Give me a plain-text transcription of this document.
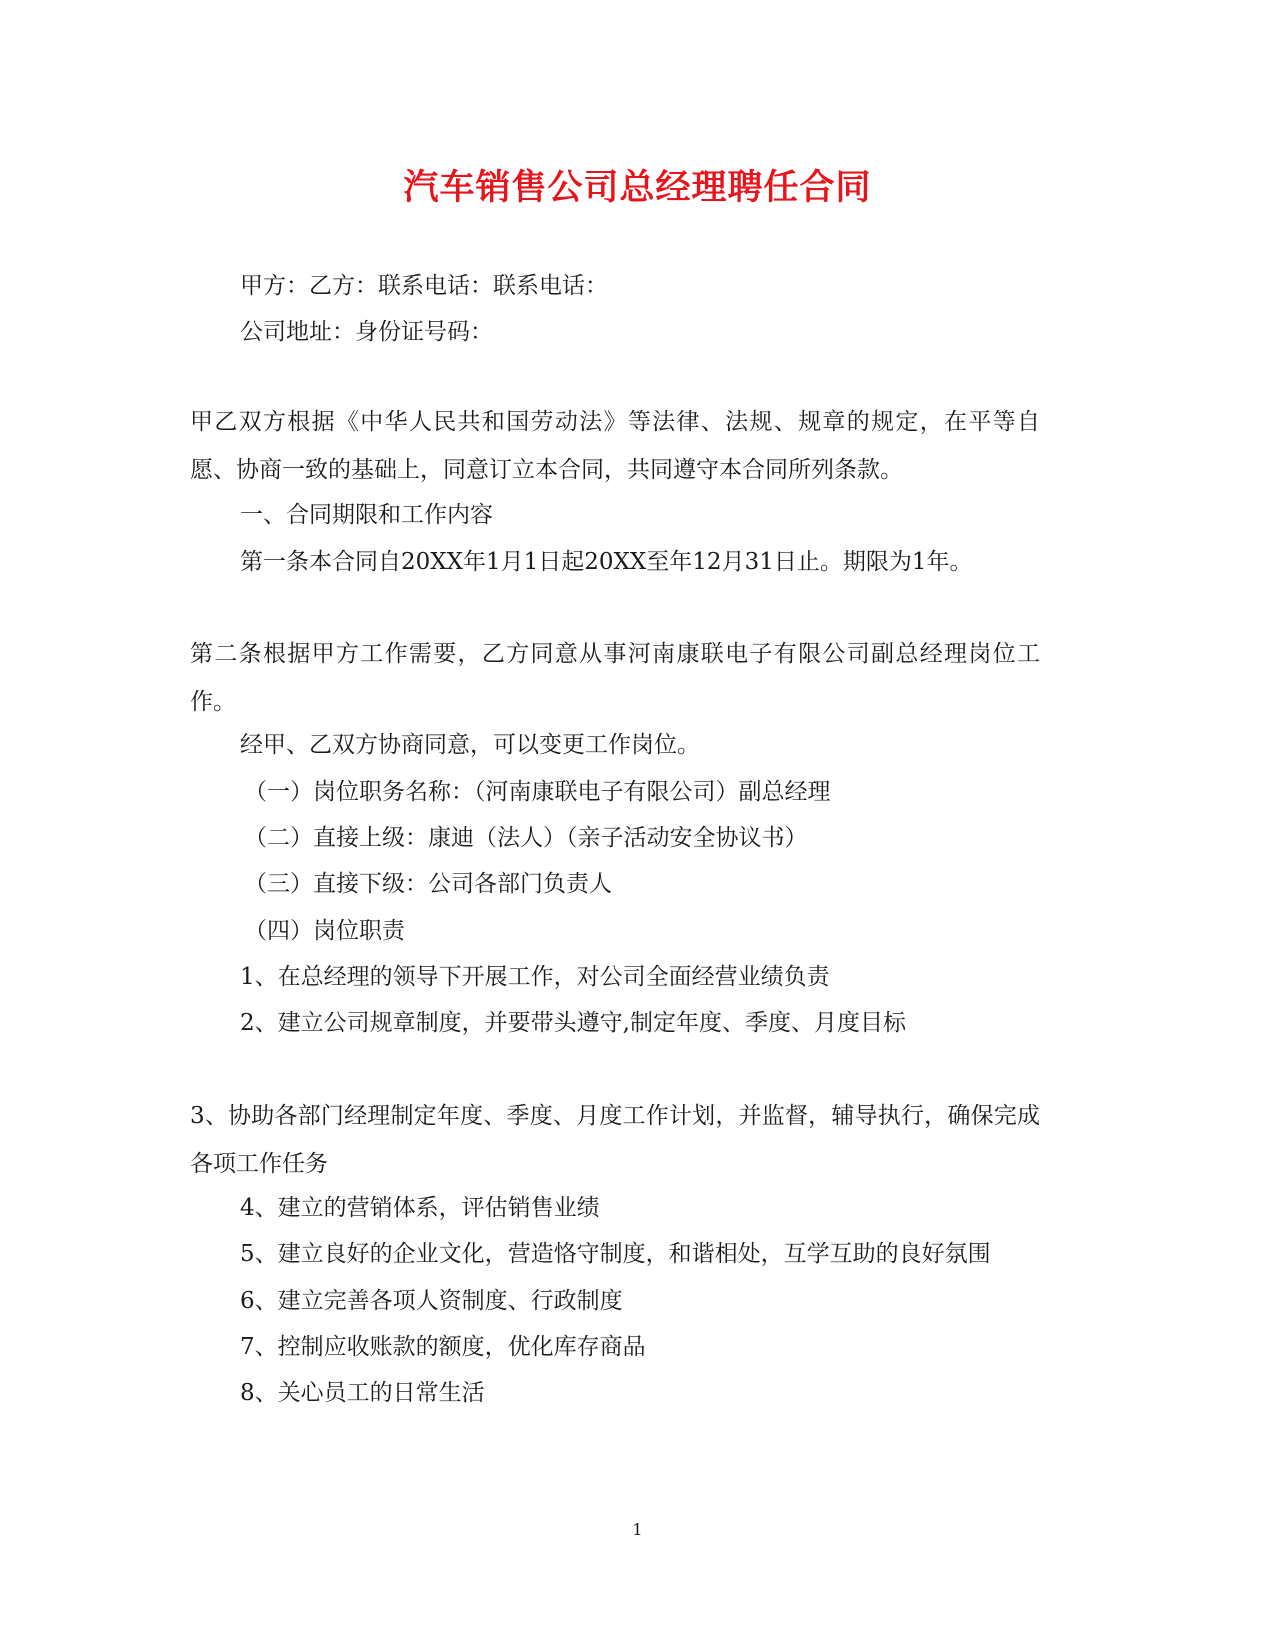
汽车销售公司总经理聘任合同

甲方：乙方：联系电话：联系电话：

公司地址：身份证号码：

甲乙双方根据《中华人民共和国劳动法》等法律、法规、规章的规定，在平等自愿、协商一致的基础上，同意订立本合同，共同遵守本合同所列条款。

一、合同期限和工作内容

第一条本合同自20XX年1月1日起20XX至年12月31日止。期限为1年。

第二条根据甲方工作需要，乙方同意从事河南康联电子有限公司副总经理岗位工作。

经甲、乙双方协商同意，可以变更工作岗位。

（一）岗位职务名称：（河南康联电子有限公司）副总经理

（二）直接上级：康迪（法人）（亲子活动安全协议书）

（三）直接下级：公司各部门负责人

（四）岗位职责

1、在总经理的领导下开展工作，对公司全面经营业绩负责

2、建立公司规章制度，并要带头遵守,制定年度、季度、月度目标

3、协助各部门经理制定年度、季度、月度工作计划，并监督，辅导执行，确保完成各项工作任务

4、建立的营销体系，评估销售业绩

5、建立良好的企业文化，营造恪守制度，和谐相处，互学互助的良好氛围

6、建立完善各项人资制度、行政制度

7、控制应收账款的额度，优化库存商品

8、关心员工的日常生活

1
